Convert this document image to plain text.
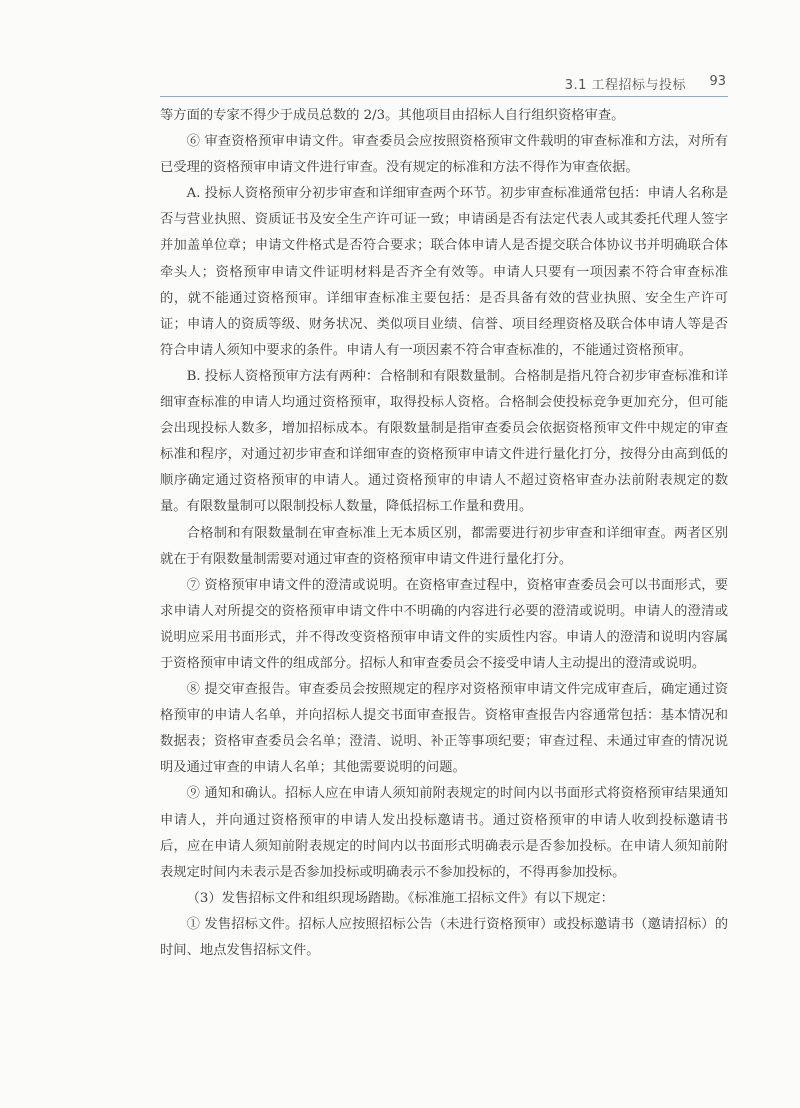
3.1 工程招标与投标 93

等方面的专家不得少于成员总数的 2/3。其他项目由招标人自行组织资格审查。

⑥ 审查资格预审申请文件。审查委员会应按照资格预审文件载明的审查标准和方法，对所有已受理的资格预审申请文件进行审查。没有规定的标准和方法不得作为审查依据。

A. 投标人资格预审分初步审查和详细审查两个环节。初步审查标准通常包括：申请人名称是否与营业执照、资质证书及安全生产许可证一致；申请函是否有法定代表人或其委托代理人签字并加盖单位章；申请文件格式是否符合要求；联合体申请人是否提交联合体协议书并明确联合体牵头人；资格预审申请文件证明材料是否齐全有效等。申请人只要有一项因素不符合审查标准的，就不能通过资格预审。详细审查标准主要包括：是否具备有效的营业执照、安全生产许可证；申请人的资质等级、财务状况、类似项目业绩、信誉、项目经理资格及联合体申请人等是否符合申请人须知中要求的条件。申请人有一项因素不符合审查标准的，不能通过资格预审。

B. 投标人资格预审方法有两种：合格制和有限数量制。合格制是指凡符合初步审查标准和详细审查标准的申请人均通过资格预审，取得投标人资格。合格制会使投标竞争更加充分，但可能会出现投标人数多，增加招标成本。有限数量制是指审查委员会依据资格预审文件中规定的审查标准和程序，对通过初步审查和详细审查的资格预审申请文件进行量化打分，按得分由高到低的顺序确定通过资格预审的申请人。通过资格预审的申请人不超过资格审查办法前附表规定的数量。有限数量制可以限制投标人数量，降低招标工作量和费用。

合格制和有限数量制在审查标准上无本质区别，都需要进行初步审查和详细审查。两者区别就在于有限数量制需要对通过审查的资格预审申请文件进行量化打分。

⑦ 资格预审申请文件的澄清或说明。在资格审查过程中，资格审查委员会可以书面形式，要求申请人对所提交的资格预审申请文件中不明确的内容进行必要的澄清或说明。申请人的澄清或说明应采用书面形式，并不得改变资格预审申请文件的实质性内容。申请人的澄清和说明内容属于资格预审申请文件的组成部分。招标人和审查委员会不接受申请人主动提出的澄清或说明。

⑧ 提交审查报告。审查委员会按照规定的程序对资格预审申请文件完成审查后，确定通过资格预审的申请人名单，并向招标人提交书面审查报告。资格审查报告内容通常包括：基本情况和数据表；资格审查委员会名单；澄清、说明、补正等事项纪要；审查过程、未通过审查的情况说明及通过审查的申请人名单；其他需要说明的问题。

⑨ 通知和确认。招标人应在申请人须知前附表规定的时间内以书面形式将资格预审结果通知申请人，并向通过资格预审的申请人发出投标邀请书。通过资格预审的申请人收到投标邀请书后，应在申请人须知前附表规定的时间内以书面形式明确表示是否参加投标。在申请人须知前附表规定时间内未表示是否参加投标或明确表示不参加投标的，不得再参加投标。

（3）发售招标文件和组织现场踏勘。《标准施工招标文件》有以下规定：

① 发售招标文件。招标人应按照招标公告（未进行资格预审）或投标邀请书（邀请招标）的时间、地点发售招标文件。
